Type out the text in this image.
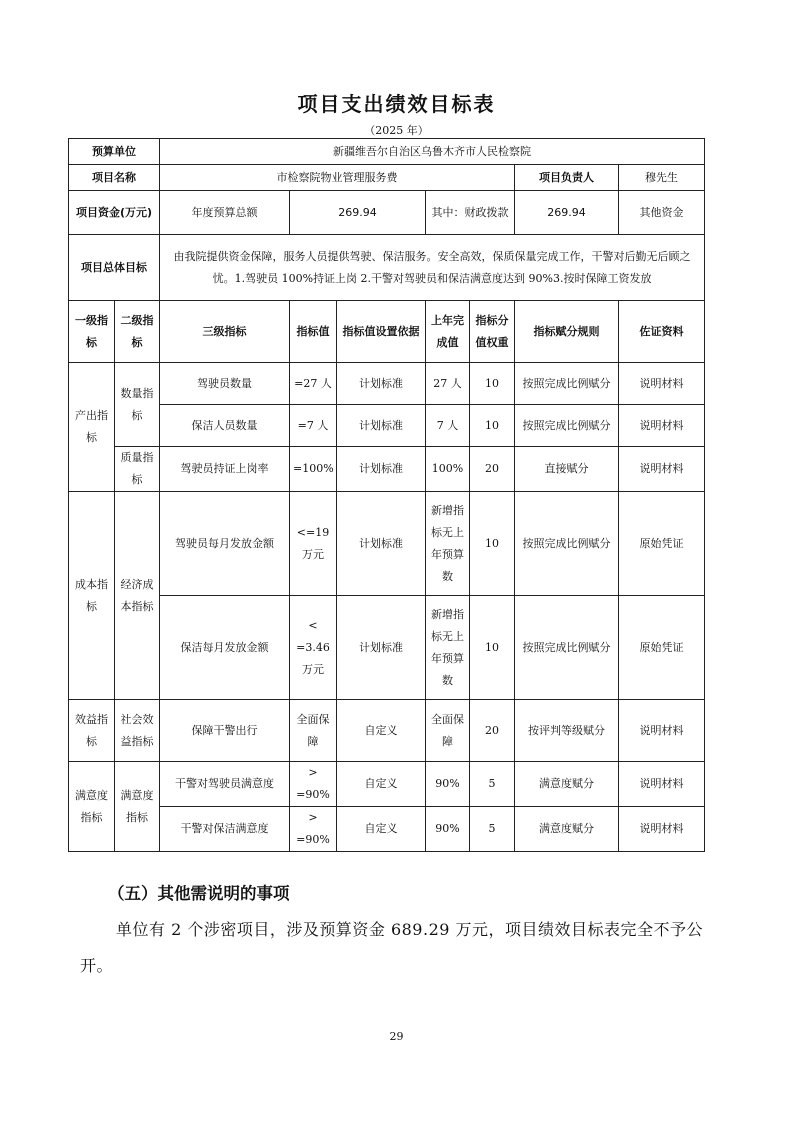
项目支出绩效目标表
（2025 年）
预算单位		新疆维吾尔自治区乌鲁木齐市人民检察院							
项目名称		市检察院物业管理服务费					项目负责人	穆先生	
项目资金(万元)		年度预算总额	269.94		其中：财政拨款		269.94	其他资金	
项目总体目标		由我院提供资金保障，服务人员提供驾驶、保洁服务。安全高效，保质保量完成工作，干警对后勤无后顾之忧。1.驾驶员 100%持证上岗 2.干警对驾驶员和保洁满意度达到 90%3.按时保障工资发放							
一级指标	二级指标	三级指标	指标值	指标值设置依据	上年完成值	指标分值权重	指标赋分规则	佐证资料	
产出指标	数量指标	驾驶员数量	=27 人	计划标准	27 人	10	按照完成比例赋分	说明材料	
		保洁人员数量	=7 人	计划标准	7 人	10	按照完成比例赋分	说明材料	
	质量指标	驾驶员持证上岗率	=100%	计划标准	100%	20	直接赋分	说明材料	
成本指标	经济成本指标	驾驶员每月发放金额	<=19 万元	计划标准	新增指标无上年预算数	10	按照完成比例赋分	原始凭证	
		保洁每月发放金额	< =3.46 万元	计划标准	新增指标无上年预算数	10	按照完成比例赋分	原始凭证	
效益指标	社会效益指标	保障干警出行	全面保障	自定义	全面保障	20	按评判等级赋分	说明材料	
满意度指标	满意度指标	干警对驾驶员满意度	> =90%	自定义	90%	5	满意度赋分	说明材料	
		干警对保洁满意度	> =90%	自定义	90%	5	满意度赋分	说明材料	
（五）其他需说明的事项
单位有 2 个涉密项目，涉及预算资金 689.29 万元，项目绩效目标表完全不予公开。
29
